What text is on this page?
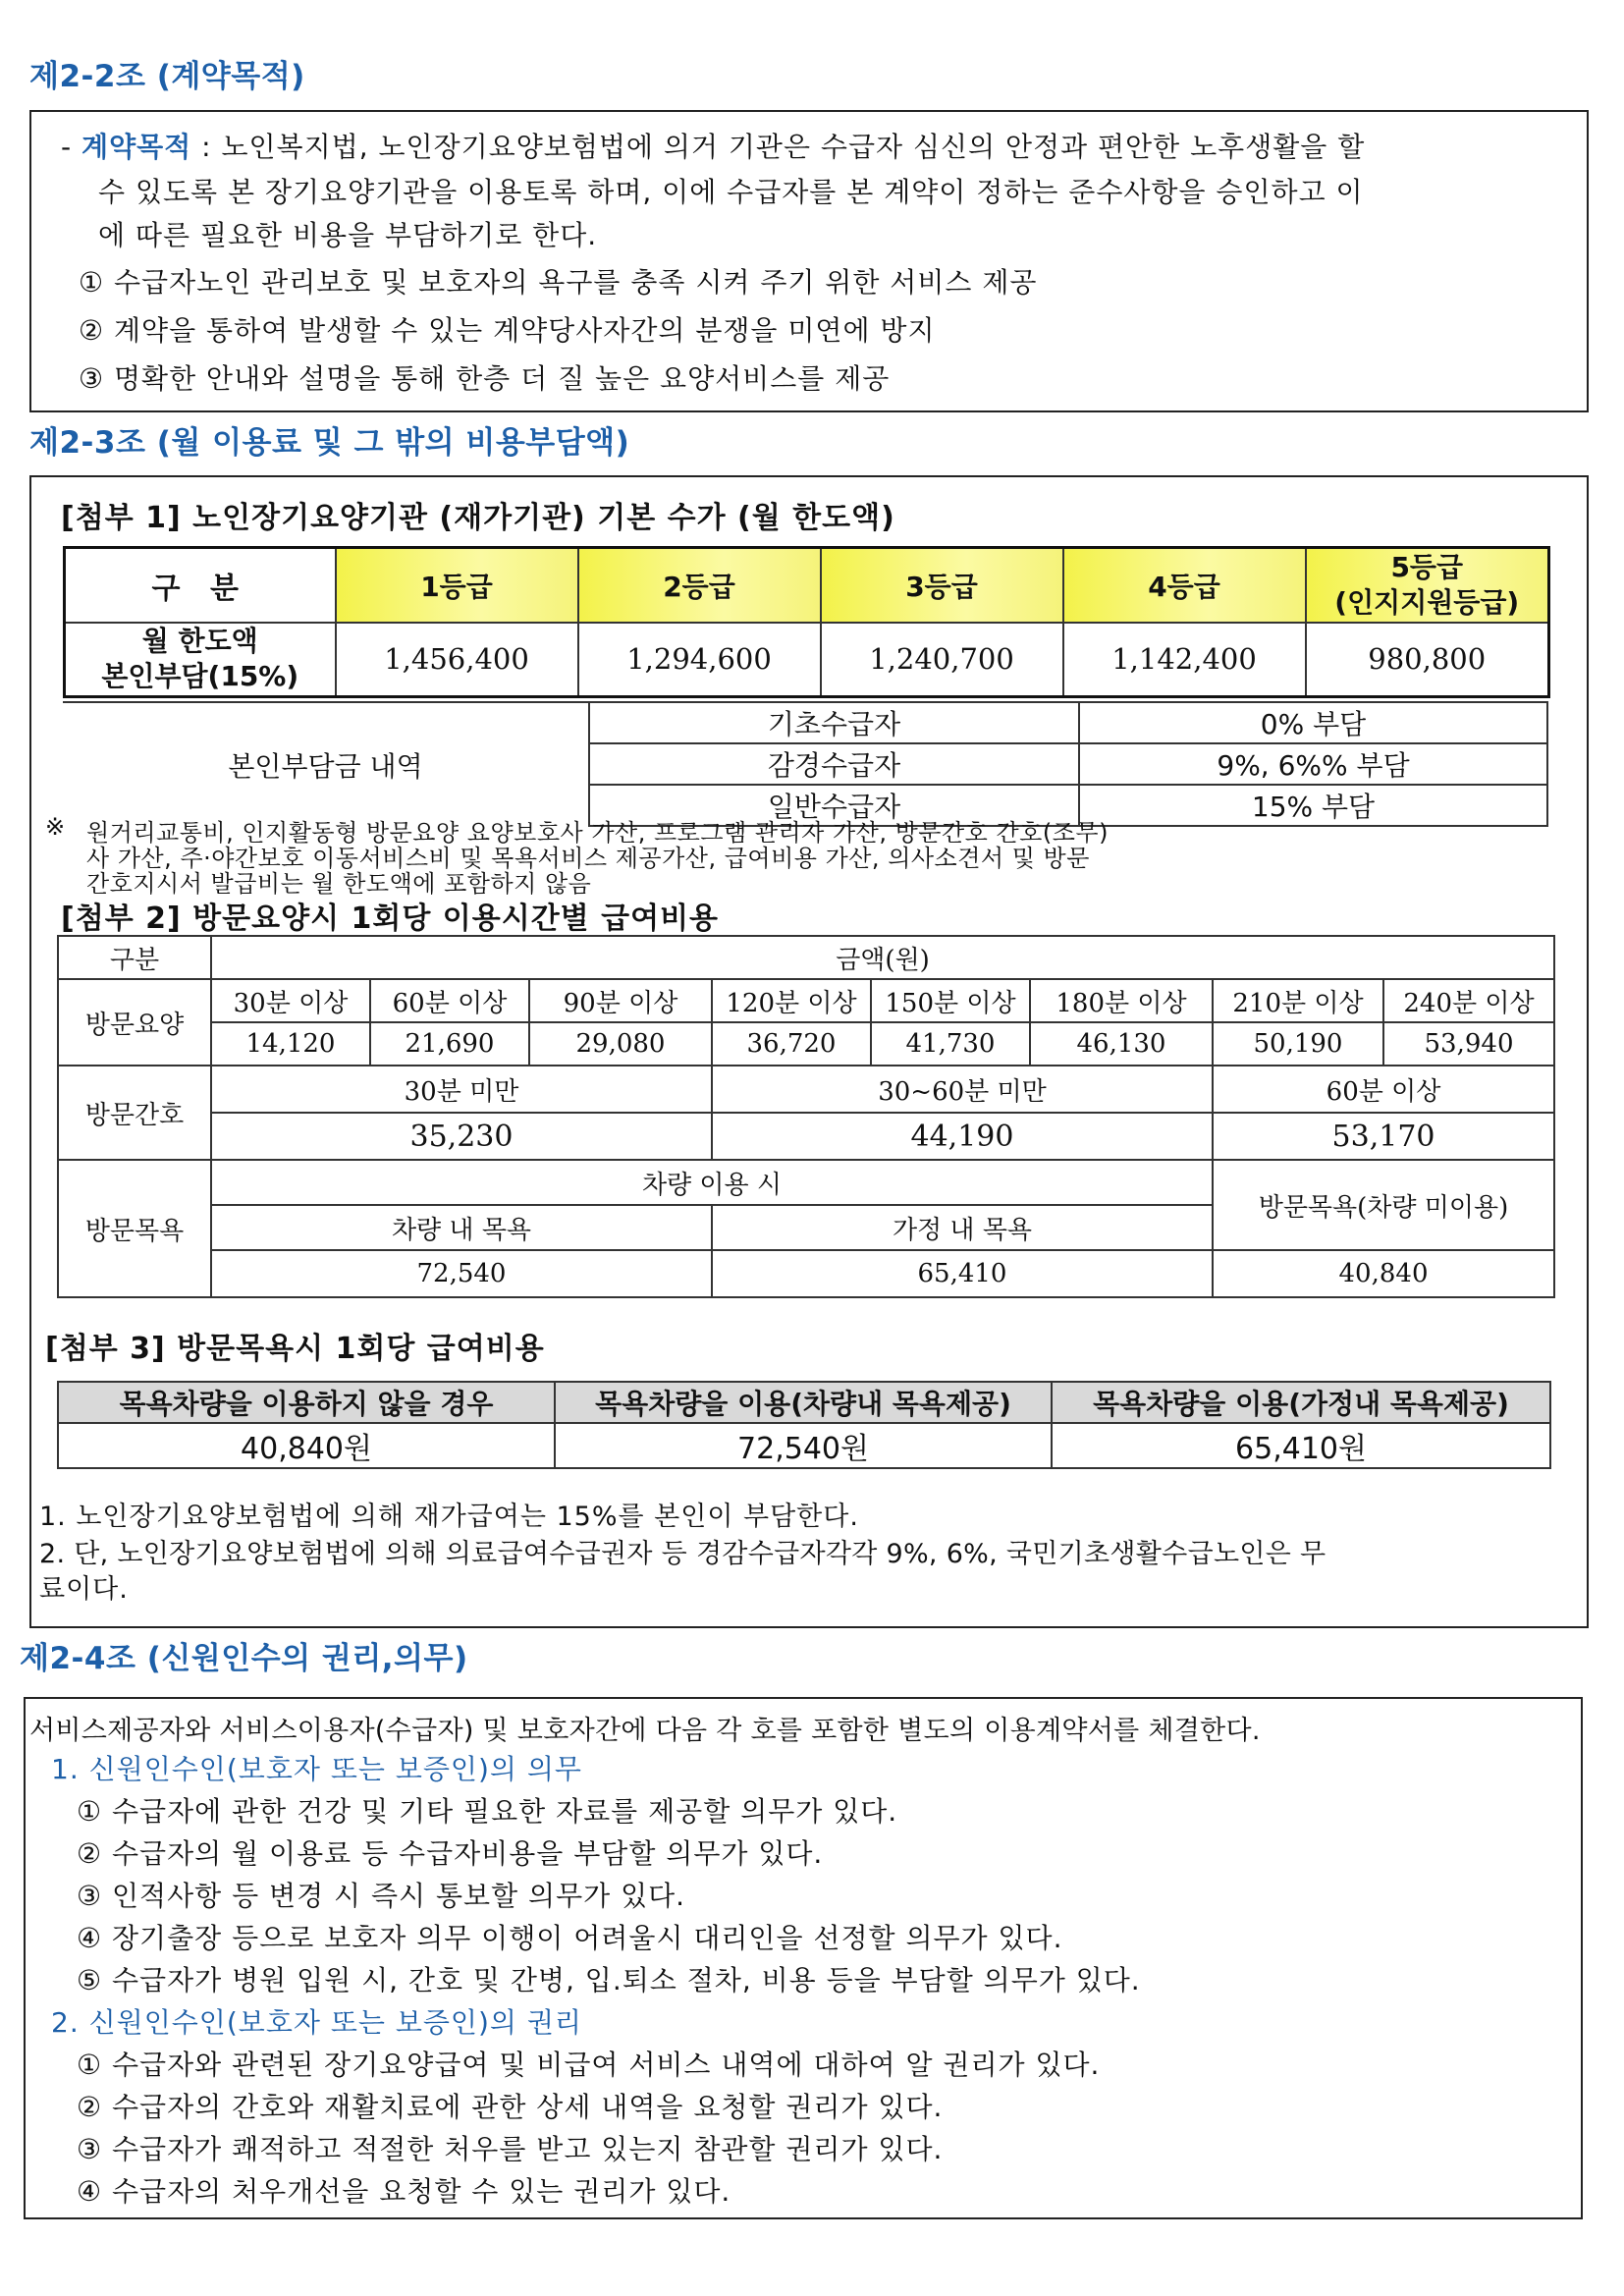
제2-2조 (계약목적)
- 계약목적 : 노인복지법, 노인장기요양보험법에 의거 기관은 수급자 심신의 안정과 편안한 노후생활을 할
수 있도록 본 장기요양기관을 이용토록 하며, 이에 수급자를 본 계약이 정하는 준수사항을 승인하고 이
에 따른 필요한 비용을 부담하기로 한다.
① 수급자노인 관리보호 및 보호자의 욕구를 충족 시켜 주기 위한 서비스 제공
② 계약을 통하여 발생할 수 있는 계약당사자간의 분쟁을 미연에 방지
③ 명확한 안내와 설명을 통해 한층 더 질 높은 요양서비스를 제공
제2-3조 (월 이용료 및 그 밖의 비용부담액)
[첨부 1] 노인장기요양기관 (재가기관) 기본 수가 (월 한도액)
구 분	1등급	2등급	3등급	4등급	5등급
(인지지원등급)

월 한도액
본인부담(15%)	1,456,400	1,294,600	1,240,700	1,142,400	980,800
본인부담금 내역	기초수급자	0% 부담
	감경수급자	9%, 6%% 부담
	일반수급자	15% 부담
※ 원거리교통비, 인지활동형 방문요양 요양보호사 가산, 프로그램 관리자 가산, 방문간호 간호(조무)
사 가산, 주·야간보호 이동서비스비 및 목욕서비스 제공가산, 급여비용 가산, 의사소견서 및 방문
간호지시서 발급비는 월 한도액에 포함하지 않음
[첨부 2] 방문요양시 1회당 이용시간별 급여비용
구분	금액(원)							
방문요양	30분 이상	60분 이상	90분 이상	120분 이상	150분 이상	180분 이상	210분 이상	240분 이상
	14,120	21,690	29,080	36,720	41,730	46,130	50,190	53,940
방문간호	30분 미만			30~60분 미만			60분 이상	
	35,230			44,190			53,170	
방문목욕	차량 이용 시						방문목욕(차량 미이용)	
	차량 내 목욕			가정 내 목욕				
	72,540			65,410			40,840	
[첨부 3] 방문목욕시 1회당 급여비용
목욕차량을 이용하지 않을 경우	목욕차량을 이용(차량내 목욕제공)	목욕차량을 이용(가정내 목욕제공)
40,840원	72,540원	65,410원
1. 노인장기요양보험법에 의해 재가급여는 15%를 본인이 부담한다.
2. 단, 노인장기요양보험법에 의해 의료급여수급권자 등 경감수급자각각 9%, 6%, 국민기초생활수급노인은 무
료이다.
제2-4조 (신원인수의 권리,의무)
서비스제공자와 서비스이용자(수급자) 및 보호자간에 다음 각 호를 포함한 별도의 이용계약서를 체결한다.
1. 신원인수인(보호자 또는 보증인)의 의무
① 수급자에 관한 건강 및 기타 필요한 자료를 제공할 의무가 있다.
② 수급자의 월 이용료 등 수급자비용을 부담할 의무가 있다.
③ 인적사항 등 변경 시 즉시 통보할 의무가 있다.
④ 장기출장 등으로 보호자 의무 이행이 어려울시 대리인을 선정할 의무가 있다.
⑤ 수급자가 병원 입원 시, 간호 및 간병, 입.퇴소 절차, 비용 등을 부담할 의무가 있다.
2. 신원인수인(보호자 또는 보증인)의 권리
① 수급자와 관련된 장기요양급여 및 비급여 서비스 내역에 대하여 알 권리가 있다.
② 수급자의 간호와 재활치료에 관한 상세 내역을 요청할 권리가 있다.
③ 수급자가 쾌적하고 적절한 처우를 받고 있는지 참관할 권리가 있다.
④ 수급자의 처우개선을 요청할 수 있는 권리가 있다.
